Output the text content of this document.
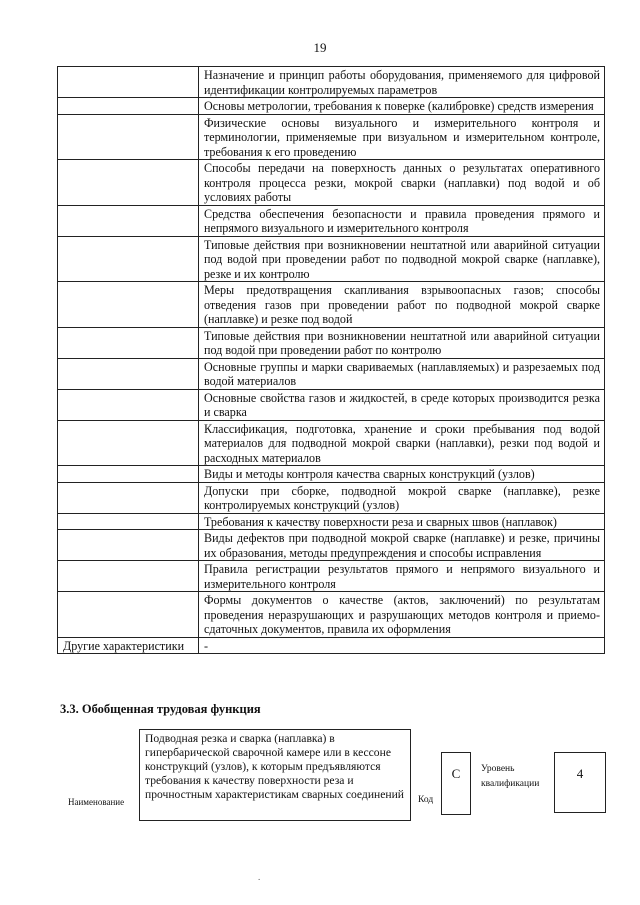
19

	Назначение и принцип работы оборудования, применяемого для цифровой идентификации контролируемых параметров

	Основы метрологии, требования к поверке (калибровке) средств измерения

	Физические основы визуального и измерительного контроля и терминологии, применяемые при визуальном и измерительном контроле, требования к его проведению

	Способы передачи на поверхность данных о результатах оперативного контроля процесса резки, мокрой сварки (наплавки) под водой и об условиях работы

	Средства обеспечения безопасности и правила проведения прямого и непрямого визуального и измерительного контроля

	Типовые действия при возникновении нештатной или аварийной ситуации под водой при проведении работ по подводной мокрой сварке (наплавке), резке и их контролю

	Меры предотвращения скапливания взрывоопасных газов; способы отведения газов при проведении работ по подводной мокрой сварке (наплавке) и резке под водой

	Типовые действия при возникновении нештатной или аварийной ситуации под водой при проведении работ по контролю

	Основные группы и марки свариваемых (наплавляемых) и разрезаемых под водой материалов

	Основные свойства газов и жидкостей, в среде которых производится резка и сварка

	Классификация, подготовка, хранение и сроки пребывания под водой материалов для подводной мокрой сварки (наплавки), резки под водой и расходных материалов

	Виды и методы контроля качества сварных конструкций (узлов)

	Допуски при сборке, подводной мокрой сварке (наплавке), резке контролируемых конструкций (узлов)

	Требования к качеству поверхности реза и сварных швов (наплавок)

	Виды дефектов при подводной мокрой сварке (наплавке) и резке, причины их образования, методы предупреждения и способы исправления

	Правила регистрации результатов прямого и непрямого визуального и измерительного контроля

	Формы документов о качестве (актов, заключений) по результатам проведения неразрушающих и разрушающих методов контроля и приемо-сдаточных документов, правила их оформления

Другие характеристики	-
3.3. Обобщенная трудовая функция
Наименование
Подводная резка и сварка (наплавка) в гипербарической сварочной камере или в кессоне конструкций (узлов), к которым предъявляются требования к качеству поверхности реза и прочностным характеристикам сварных соединений	Код
С	Уровень
квалификации
4
.
